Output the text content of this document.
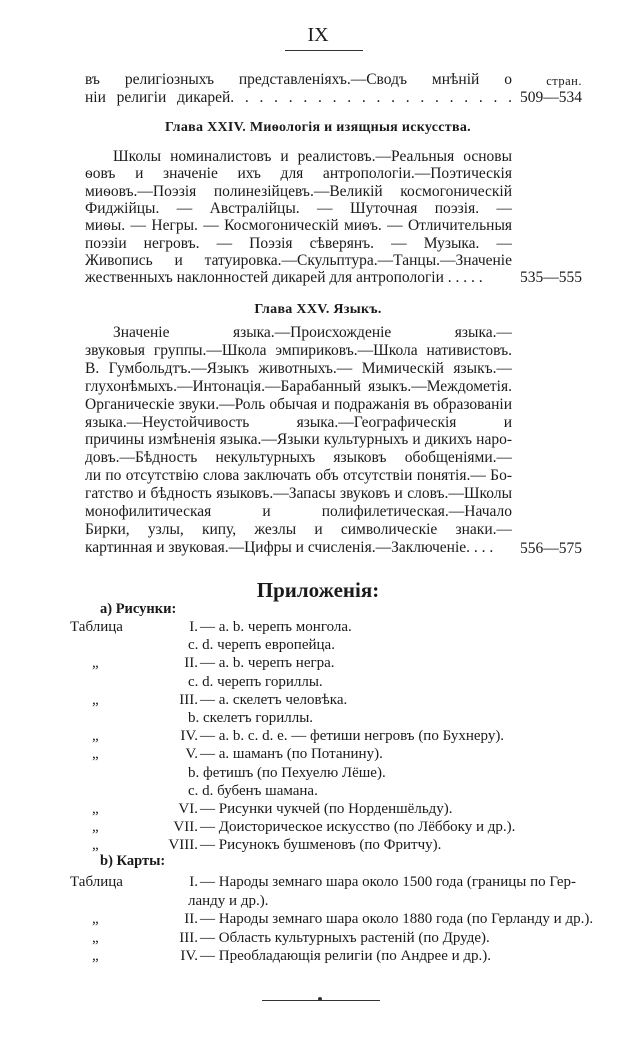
IX
въ религіозныхъ представленіяхъ.—Сводъ мнѣній о
ніи религіи дикарей. . . . . . . . . . . . . . . . . . . .
стран.
509—534
Глава XXIV. Миѳологія и изящныя искусства.
Школы номиналистовъ и реалистовъ.—Реальныя основы
ѳовъ и значеніе ихъ для антропологіи.—Поэтическія
миѳовъ.—Поэзія полинезійцевъ.—Великій космогоническій
Фиджійцы. — Австралійцы. — Шуточная поэзія. —
миѳы. — Негры. — Космогоническій миѳъ. — Отличительныя
поэзіи негровъ. — Поэзія сѣверянъ. — Музыка. —
Живопись и татуировка.—Скульптура.—Танцы.—Значеніе
жественныхъ наклонностей дикарей для антропологіи . . . . .	535—555
Глава XXV. Языкъ.
Значеніе языка.—Происхожденіе языка.—
звуковыя группы.—Школа эмпириковъ.—Школа нативистовъ.
В. Гумбольдтъ.—Языкъ животныхъ.— Мимическій языкъ.—
глухонѣмыхъ.—Интонація.—Барабанный языкъ.—Междометія.
Органическіе звуки.—Роль обычая и подражанія въ образованіи
языка.—Неустойчивость языка.—Географическія и
причины измѣненія языка.—Языки культурныхъ и дикихъ наро-
довъ.—Бѣдность некультурныхъ языковъ обобщеніями.—
ли по отсутствію слова заключать объ отсутствіи понятія.— Бо-
гатство и бѣдность языковъ.—Запасы звуковъ и словъ.—Школы
монофилитическая и полифилетическая.—Начало
Бирки, узлы, кипу, жезлы и символическіе знаки.—
картинная и звуковая.—Цифры и счисленія.—Заключеніе. . . .	556—575
Приложенія:
a) Рисунки:
Таблица	I. — a. b. черепъ монгола.
c. d. черепъ европейца.
„	II. — a. b. черепъ негра.
c. d. черепъ гориллы.
„	III. — a. скелетъ человѣка.
b. скелетъ гориллы.
„	IV. — a. b. c. d. e. — фетиши негровъ (по Бухнеру).
„	V. — a. шаманъ (по Потанину).
b. фетишъ (по Пехуелю Лёше).
c. d. бубенъ шамана.
„	VI. — Рисунки чукчей (по Норденшёльду).
„	VII. — Доисторическое искусство (по Лёббоку и др.).
„	VIII. — Рисунокъ бушменовъ (по Фритчу).
b) Карты:
Таблица	I. — Народы земнаго шара около 1500 года (границы по Гер-
ланду и др.).
„	II. — Народы земнаго шара около 1880 года (по Герланду и др.).
„	III. — Область культурныхъ растеній (по Друде).
„	IV. — Преобладающія религіи (по Андрее и др.).
